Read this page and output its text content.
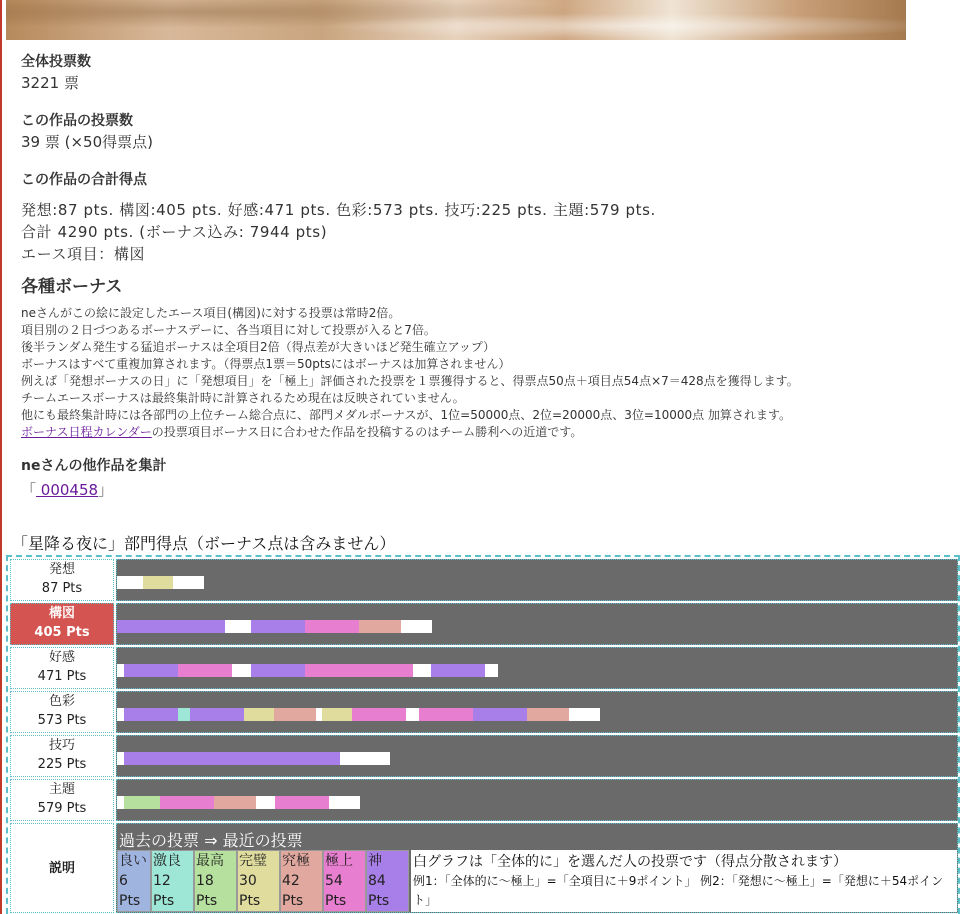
全体投票数
3221 票
この作品の投票数
39 票 (×50得票点)
この作品の合計得点
発想:87 pts. 構図:405 pts. 好感:471 pts. 色彩:573 pts. 技巧:225 pts. 主題:579 pts.
合計 4290 pts. (ボーナス込み: 7944 pts)
エース項目：構図
各種ボーナス
neさんがこの絵に設定したエース項目(構図)に対する投票は常時2倍。
項目別の２日づつあるボーナスデーに、各当項目に対して投票が入ると7倍。
後半ランダム発生する猛追ボーナスは全項目2倍（得点差が大きいほど発生確立アップ）
ボーナスはすべて重複加算されます。（得票点1票＝50ptsにはボーナスは加算されません）
例えば「発想ボーナスの日」に「発想項目」を「極上」評価された投票を１票獲得すると、得票点50点＋項目点54点×7＝428点を獲得します。
チームエースボーナスは最終集計時に計算されるため現在は反映されていません。
他にも最終集計時には各部門の上位チーム総合点に、部門メダルボーナスが、1位=50000点、2位=20000点、3位=10000点 加算されます。
ボーナス日程カレンダーの投票項目ボーナス日に合わせた作品を投稿するのはチーム勝利への近道です。
neさんの他作品を集計
「 000458」
「星降る夜に」部門得点（ボーナス点は含みません）
発想
87 Pts
構図
405 Pts
好感
471 Pts
色彩
573 Pts
技巧
225 Pts
主題
579 Pts
説明
過去の投票 ⇒ 最近の投票
良い
6
Pts
激良
12
Pts
最高
18
Pts
完璧
30
Pts
究極
42
Pts
極上
54
Pts
神
84
Pts
白グラフは「全体的に」を選んだ人の投票です（得点分散されます）
例1：「全体的に〜極上」=「全項目に＋9ポイント」 例2：「発想に〜極上」=「発想に＋54ポイント」
